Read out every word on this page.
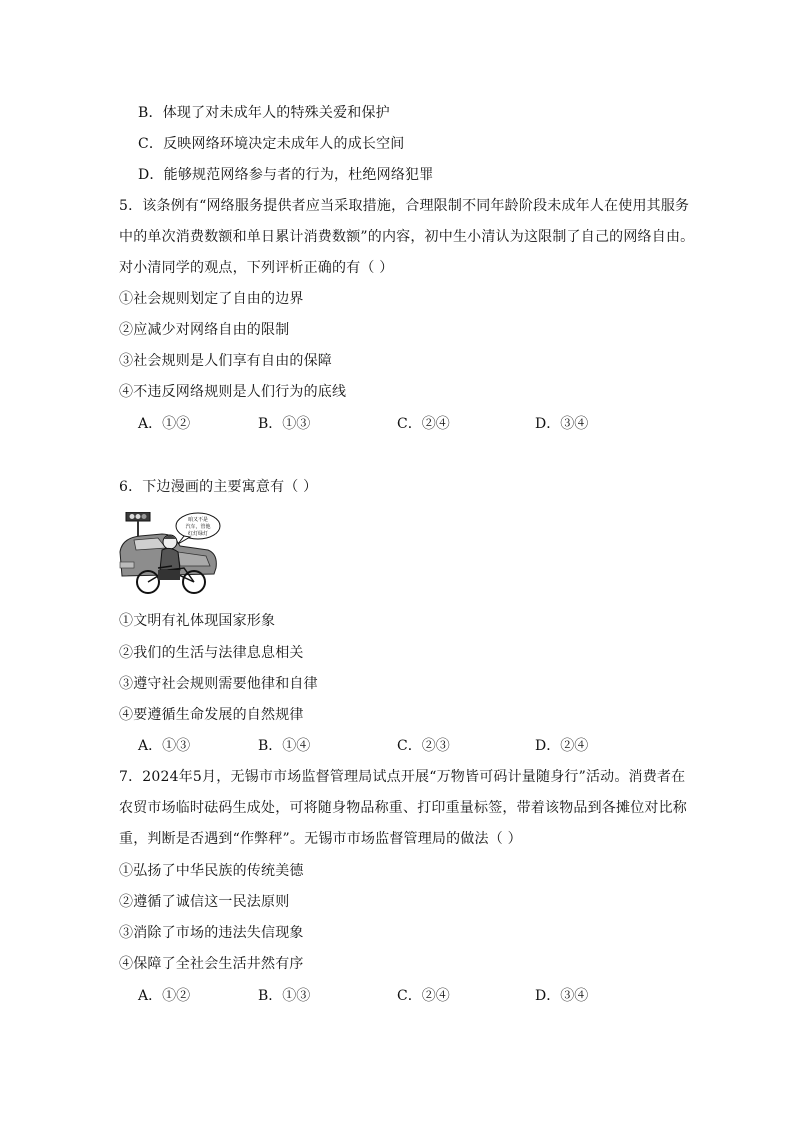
B．体现了对未成年人的特殊关爱和保护
C．反映网络环境决定未成年人的成长空间
D．能够规范网络参与者的行为，杜绝网络犯罪
5．该条例有“网络服务提供者应当采取措施，合理限制不同年龄阶段未成年人在使用其服务
中的单次消费数额和单日累计消费数额”的内容，初中生小清认为这限制了自己的网络自由。
对小清同学的观点，下列评析正确的有（ ）
①社会规则划定了自由的边界
②应减少对网络自由的限制
③社会规则是人们享有自由的保障
④不违反网络规则是人们行为的底线
A．①②	B．①③	C．②④	D．③④
6．下边漫画的主要寓意有（ ）
咱又不是
汽车，管他
红灯绿灯
①文明有礼体现国家形象
②我们的生活与法律息息相关
③遵守社会规则需要他律和自律
④要遵循生命发展的自然规律
A．①③	B．①④	C．②③	D．②④
7．2024年5月，无锡市市场监督管理局试点开展“万物皆可码计量随身行”活动。消费者在
农贸市场临时砝码生成处，可将随身物品称重、打印重量标签，带着该物品到各摊位对比称
重，判断是否遇到“作弊秤”。无锡市市场监督管理局的做法（ ）
①弘扬了中华民族的传统美德
②遵循了诚信这一民法原则
③消除了市场的违法失信现象
④保障了全社会生活井然有序
A．①②	B．①③	C．②④	D．③④
